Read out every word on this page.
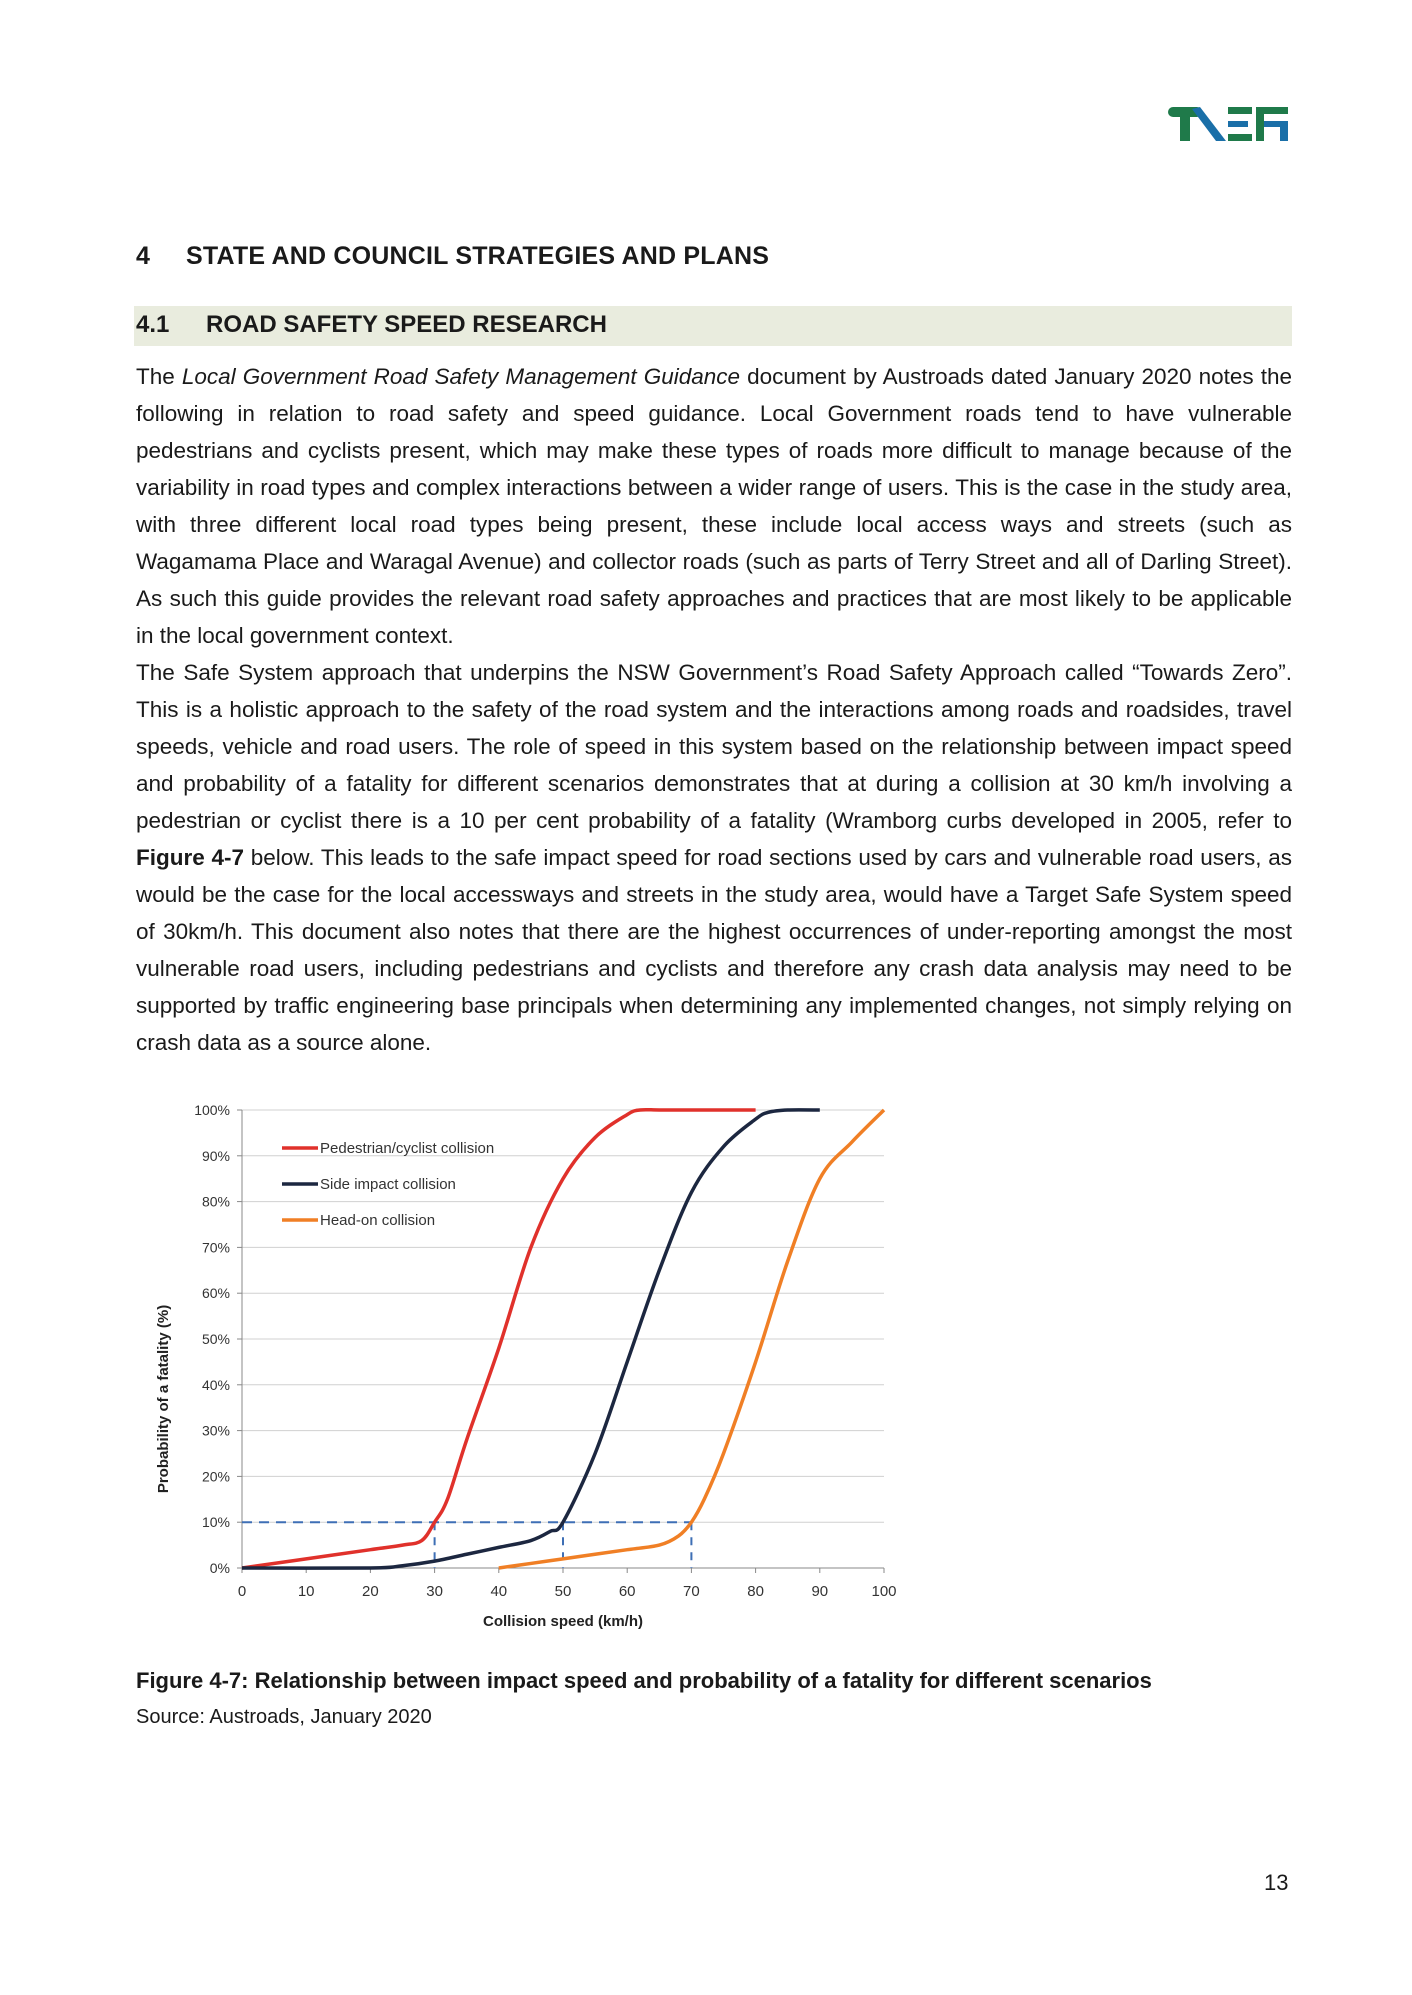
4 STATE AND COUNCIL STRATEGIES AND PLANS
4.1 ROAD SAFETY SPEED RESEARCH

The Local Government Road Safety Management Guidance document by Austroads dated January 2020 notes the following in relation to road safety and speed guidance. Local Government roads tend to have vulnerable pedestrians and cyclists present, which may make these types of roads more difficult to manage because of the variability in road types and complex interactions between a wider range of users. This is the case in the study area, with three different local road types being present, these include local access ways and streets (such as Wagamama Place and Waragal Avenue) and collector roads (such as parts of Terry Street and all of Darling Street). As such this guide provides the relevant road safety approaches and practices that are most likely to be applicable in the local government context.

The Safe System approach that underpins the NSW Government’s Road Safety Approach called “Towards Zero”. This is a holistic approach to the safety of the road system and the interactions among roads and roadsides, travel speeds, vehicle and road users. The role of speed in this system based on the relationship between impact speed and probability of a fatality for different scenarios demonstrates that at during a collision at 30 km/h involving a pedestrian or cyclist there is a 10 per cent probability of a fatality (Wramborg curbs developed in 2005, refer to Figure 4-7 below. This leads to the safe impact speed for road sections used by cars and vulnerable road users, as would be the case for the local accessways and streets in the study area, would have a Target Safe System speed of 30km/h. This document also notes that there are the highest occurrences of under-reporting amongst the most vulnerable road users, including pedestrians and cyclists and therefore any crash data analysis may need to be supported by traffic engineering base principals when determining any implemented changes, not simply relying on crash data as a source alone.

0%
10%
20%
30%
40%
50%
60%
70%
80%
90%
100%
0	10	20	30	40	50	60	70	80	90	100
Collision speed (km/h)
Probability of a fatality (%)
Pedestrian/cyclist collision
Side impact collision
Head-on collision
Figure 4-7: Relationship between impact speed and probability of a fatality for different scenarios
Source: Austroads, January 2020
13
